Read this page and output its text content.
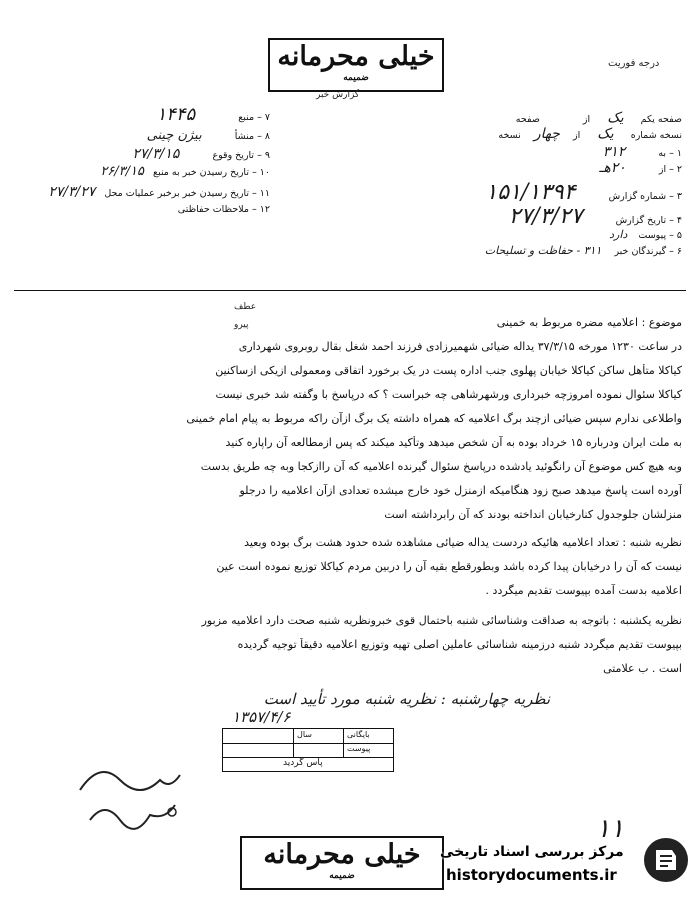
خیلی محرمانه
ضمیمه
گزارش خبر
درجه فوریت
صفحه یکم یک از صفحه
نسخه شماره یک از چهار نسخه
۱ – به ۳۱۲
۲ – از ۲۰هـ
۳ – شماره گزارش ۱۵۱/۱۳۹۴
۴ – تاریخ گزارش ۲۷/۳/۲۷
۵ – پیوست دارد
۶ – گیرندگان خبر ۳۱۱ - حفاظت و تسلیحات
۷ – منبع ۱۴۴۵
۸ – منشأ بیژن چینی
۹ – تاریخ وقوع ۲۷/۳/۱۵
۱۰ – تاریخ رسیدن خبر به منبع ۲۶/۳/۱۵
۱۱ – تاریخ رسیدن خبر برخبر عملیات محل ۲۷/۳/۲۷
۱۲ – ملاحظات حفاظتی
عطف
پیرو	موضوع : اعلامیه مضره مربوط به خمینی
در ساعت ۱۲۳۰ مورخه ۳۷/۳/۱۵ یداله ضیائی شهمیرزادی فرزند احمد شغل بقال روبروی شهرداری
کیاکلا متأهل ساکن کیاکلا خیابان پهلوی جنب اداره پست در یک برخورد اتفاقی ومعمولی ازیکی ازساکنین
کیاکلا سئوال نموده امروزچه خبرداری ورشهرشاهی چه خبراست ؟ که درپاسخ با وگفته شد خبری نیست
واطلاعی ندارم سپس ضیائی ازچند برگ اعلامیه که همراه داشته یک برگ ازآن راکه مربوط به پیام امام خمینی
به ملت ایران ودرباره ۱۵ خرداد بوده به آن شخص میدهد وتأکید میکند که پس ازمطالعه آن راپاره کنید
وبه هیچ کس موضوع آن رانگوئید یادشده درپاسخ سئوال گیرنده اعلامیه که آن راازکجا وبه چه طریق بدست
آورده است پاسخ میدهد صبح زود هنگامیکه ازمنزل خود خارج میشده تعدادی ازآن اعلامیه را درجلو
منزلشان جلوجدول کنارخیابان انداخته بودند که آن رابرداشته است
نظریه شنبه : تعداد اعلامیه هائیکه دردست یداله ضیائی مشاهده شده حدود هشت برگ بوده وبعید
نیست که آن را درخیابان پیدا کرده باشد وبطورقطع بقیه آن را دربین مردم کیاکلا توزیع نموده است عین
اعلامیه بدست آمده بپیوست تقدیم میگردد .
نظریه یکشنبه : باتوجه به صداقت وشناسائی شنبه باحتمال قوی خبرونظریه شنبه صحت دارد اعلامیه مزبور
بپیوست تقدیم میگردد شنبه درزمینه شناسائی عاملین اصلی تهیه وتوزیع اعلامیه دقیقاً توجیه گردیده
است . ب علامتی
نظریه چهارشنبه : نظریه شنبه مورد تأیید است
۱۳۵۷/۴/۶
بایگانی
سال
پیوست
پاس گردید
۱۱
خیلی محرمانه
ضمیمه
مرکز بررسی اسناد تاریخی
historydocuments.ir
